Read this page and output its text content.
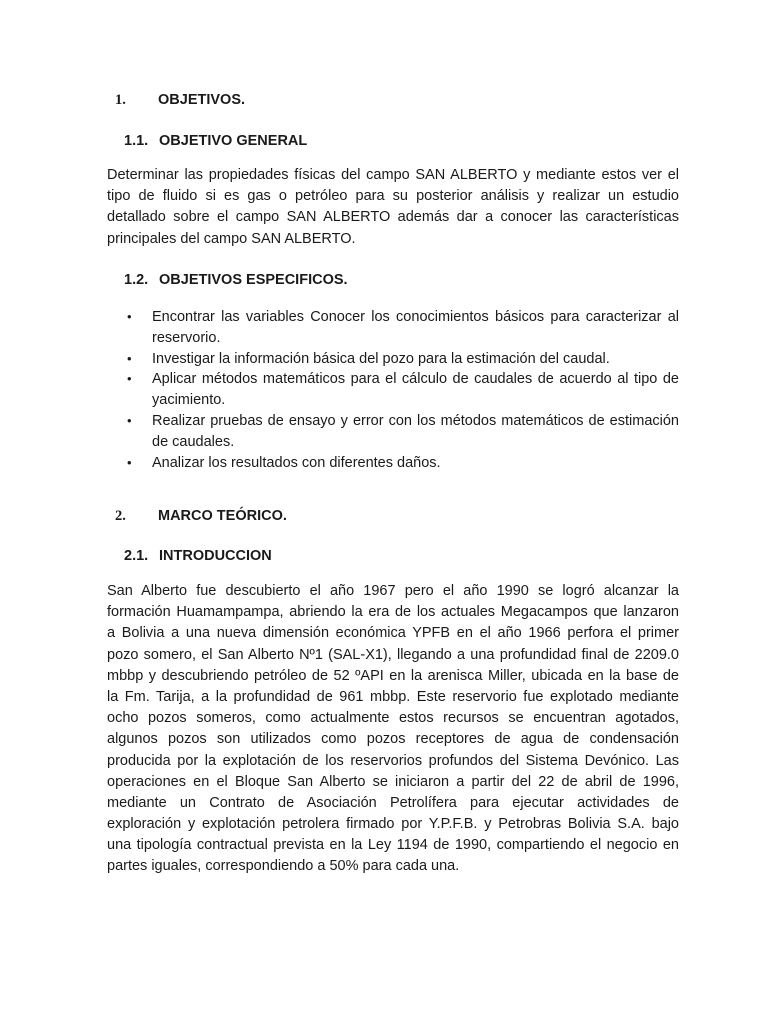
1. OBJETIVOS.
1.1. OBJETIVO GENERAL
Determinar las propiedades físicas del campo SAN ALBERTO y mediante estos ver el
tipo de fluido si es gas o petróleo para su posterior análisis y realizar un estudio
detallado sobre el campo SAN ALBERTO además dar a conocer las características
principales del campo SAN ALBERTO.
1.2. OBJETIVOS ESPECIFICOS.
• Encontrar las variables Conocer los conocimientos básicos para caracterizar al reservorio.
• Investigar la información básica del pozo para la estimación del caudal.
• Aplicar métodos matemáticos para el cálculo de caudales de acuerdo al tipo de yacimiento.
• Realizar pruebas de ensayo y error con los métodos matemáticos de estimación de caudales.
• Analizar los resultados con diferentes daños.
2. MARCO TEÓRICO.
2.1. INTRODUCCION
San Alberto fue descubierto el año 1967 pero el año 1990 se logró alcanzar la
formación Huamampampa, abriendo la era de los actuales Megacampos que lanzaron
a Bolivia a una nueva dimensión económica YPFB en el año 1966 perfora el primer
pozo somero, el San Alberto Nº1 (SAL-X1), llegando a una profundidad final de 2209.0
mbbp y descubriendo petróleo de 52 ºAPI en la arenisca Miller, ubicada en la base de
la Fm. Tarija, a la profundidad de 961 mbbp. Este reservorio fue explotado mediante
ocho pozos someros, como actualmente estos recursos se encuentran agotados,
algunos pozos son utilizados como pozos receptores de agua de condensación
producida por la explotación de los reservorios profundos del Sistema Devónico. Las
operaciones en el Bloque San Alberto se iniciaron a partir del 22 de abril de 1996,
mediante un Contrato de Asociación Petrolífera para ejecutar actividades de
exploración y explotación petrolera firmado por Y.P.F.B. y Petrobras Bolivia S.A. bajo
una tipología contractual prevista en la Ley 1194 de 1990, compartiendo el negocio en
partes iguales, correspondiendo a 50% para cada una.
